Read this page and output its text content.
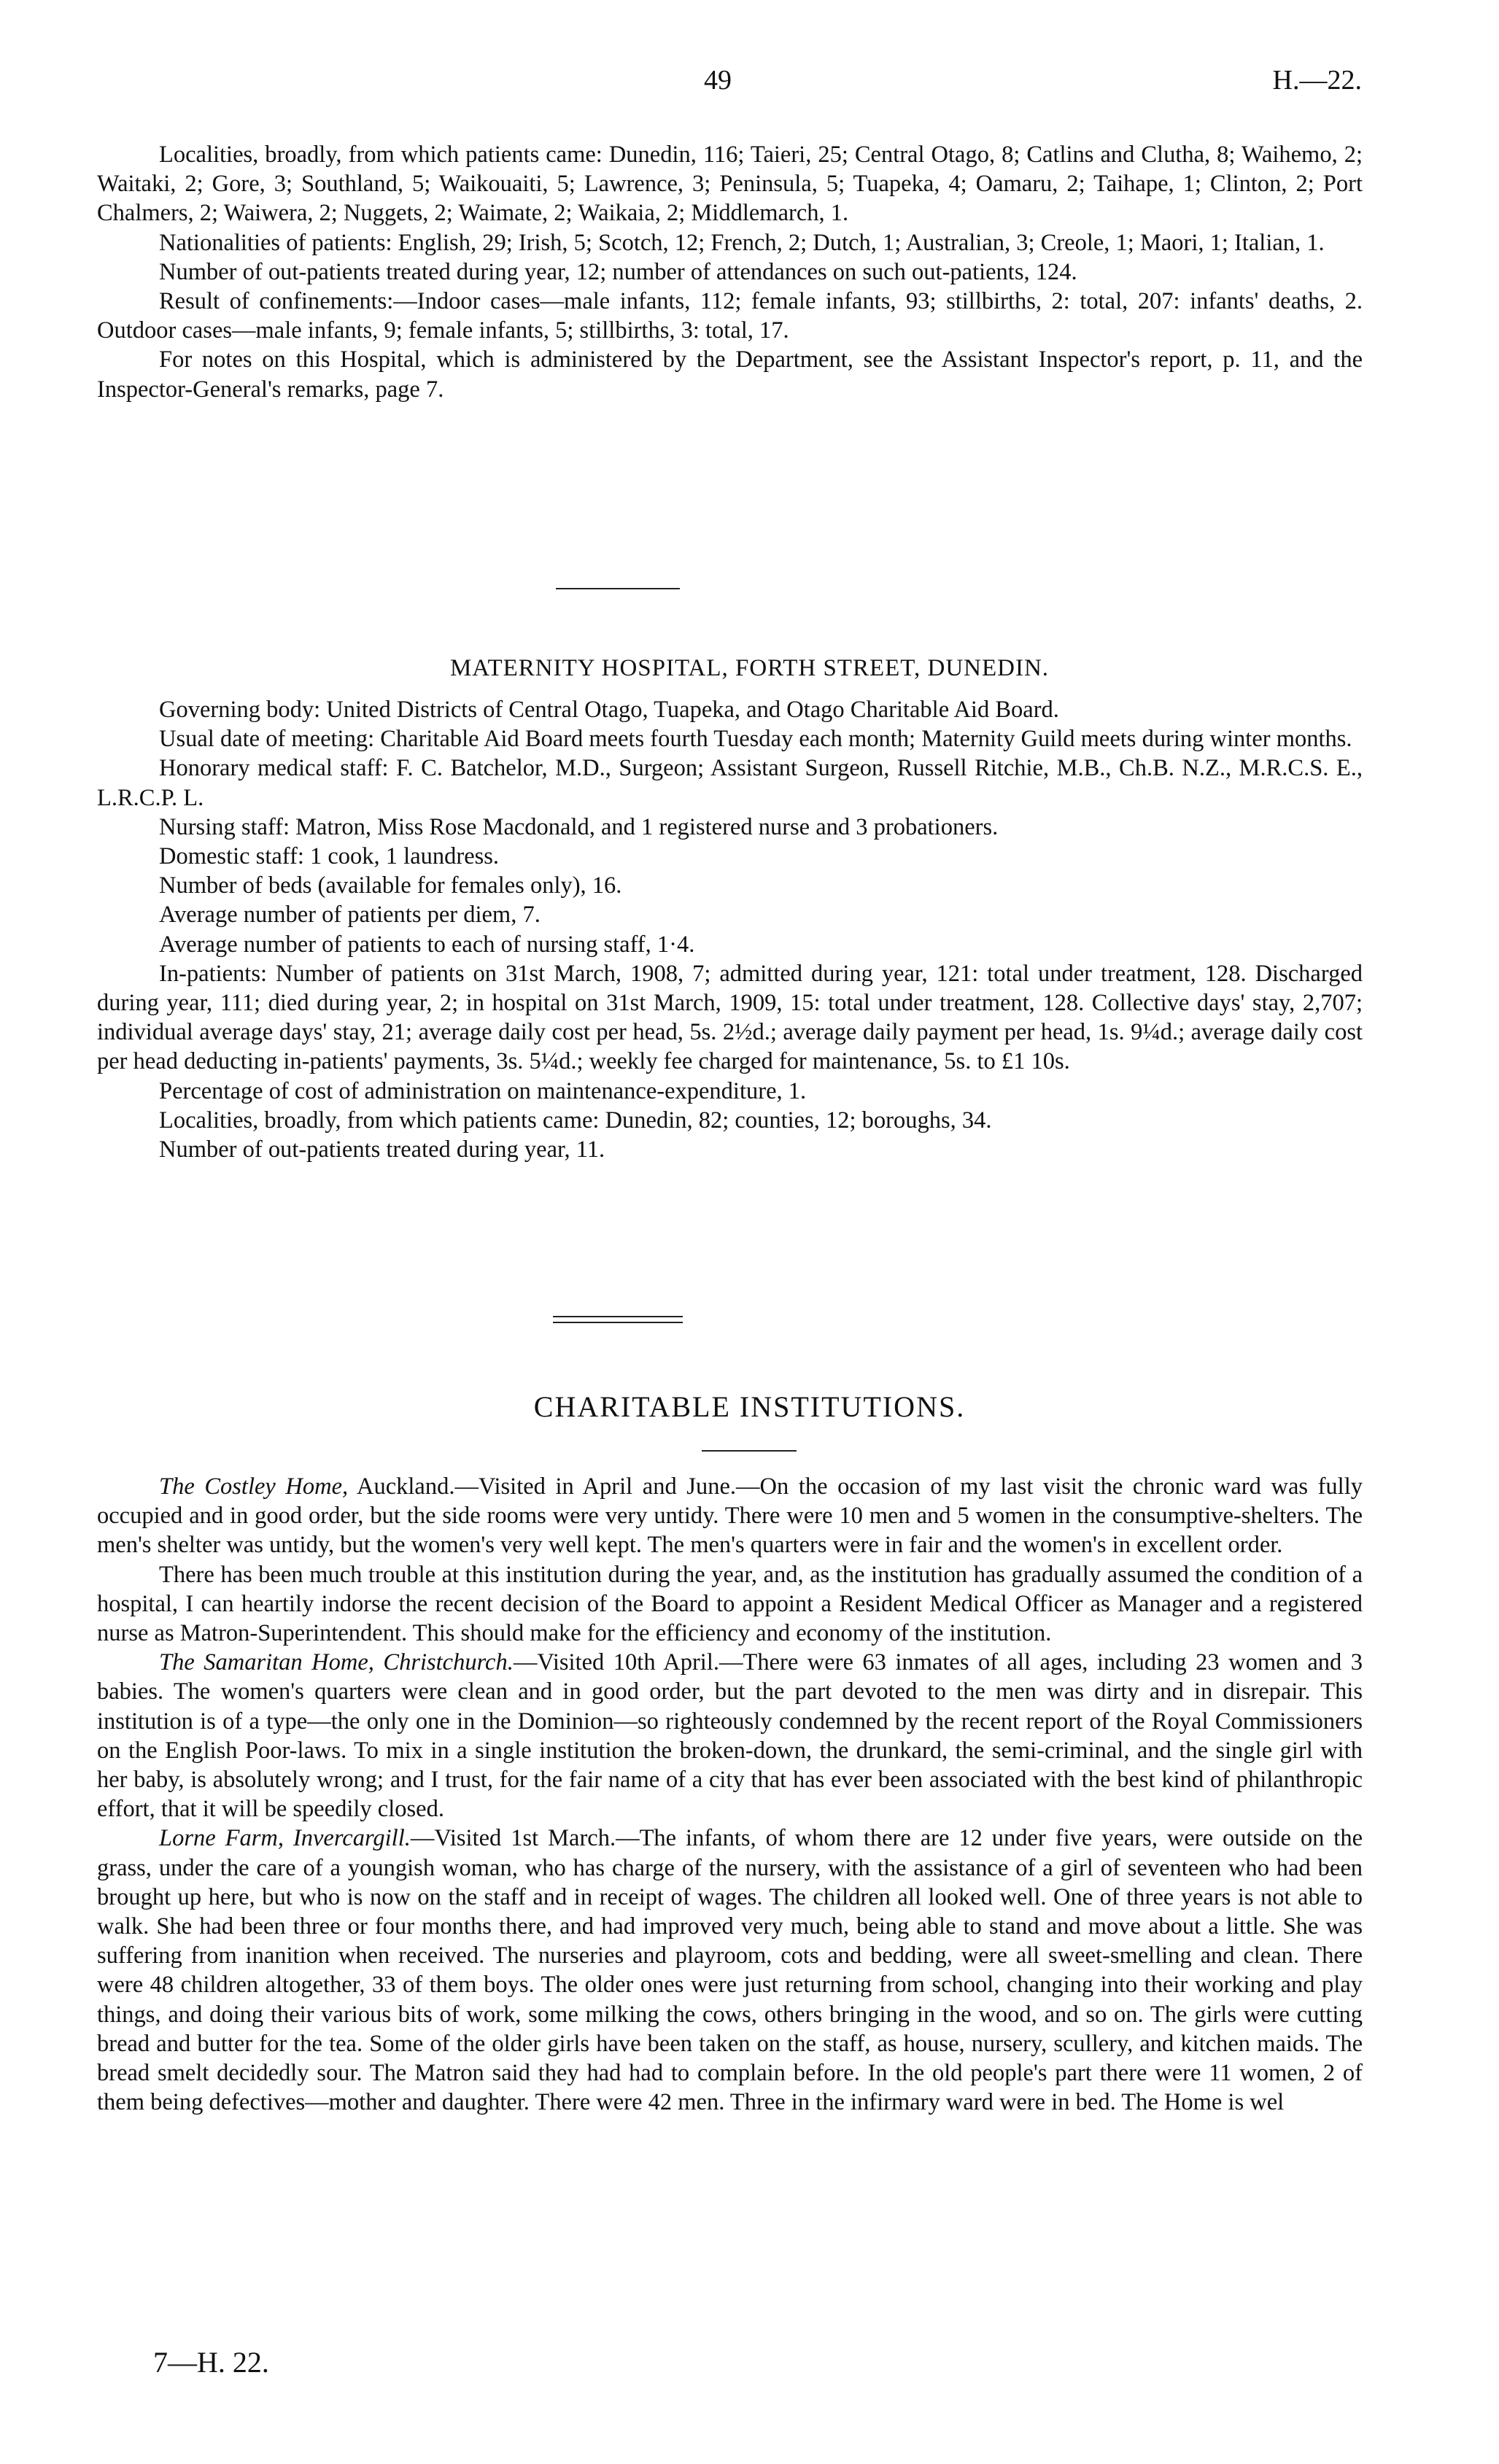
49	H.—22.

Localities, broadly, from which patients came: Dunedin, 116; Taieri, 25; Central Otago, 8; Catlins and Clutha, 8; Waihemo, 2; Waitaki, 2; Gore, 3; Southland, 5; Waikouaiti, 5; Lawrence, 3; Peninsula, 5; Tuapeka, 4; Oamaru, 2; Taihape, 1; Clinton, 2; Port Chalmers, 2; Waiwera, 2; Nuggets, 2; Waimate, 2; Waikaia, 2; Middlemarch, 1.

Nationalities of patients: English, 29; Irish, 5; Scotch, 12; French, 2; Dutch, 1; Australian, 3; Creole, 1; Maori, 1; Italian, 1.

Number of out-patients treated during year, 12; number of attendances on such out-patients, 124.

Result of confinements:—Indoor cases—male infants, 112; female infants, 93; stillbirths, 2: total, 207: infants' deaths, 2. Outdoor cases—male infants, 9; female infants, 5; stillbirths, 3: total, 17.

For notes on this Hospital, which is administered by the Department, see the Assistant Inspector's report, p. 11, and the Inspector-General's remarks, page 7.

MATERNITY HOSPITAL, FORTH STREET, DUNEDIN.

Governing body: United Districts of Central Otago, Tuapeka, and Otago Charitable Aid Board.

Usual date of meeting: Charitable Aid Board meets fourth Tuesday each month; Maternity Guild meets during winter months.

Honorary medical staff: F. C. Batchelor, M.D., Surgeon; Assistant Surgeon, Russell Ritchie, M.B., Ch.B. N.Z., M.R.C.S. E., L.R.C.P. L.

Nursing staff: Matron, Miss Rose Macdonald, and 1 registered nurse and 3 probationers.

Domestic staff: 1 cook, 1 laundress.

Number of beds (available for females only), 16.

Average number of patients per diem, 7.

Average number of patients to each of nursing staff, 1·4.

In-patients: Number of patients on 31st March, 1908, 7; admitted during year, 121: total under treatment, 128. Discharged during year, 111; died during year, 2; in hospital on 31st March, 1909, 15: total under treatment, 128. Collective days' stay, 2,707; individual average days' stay, 21; average daily cost per head, 5s. 2½d.; average daily payment per head, 1s. 9¼d.; average daily cost per head deducting in-patients' payments, 3s. 5¼d.; weekly fee charged for maintenance, 5s. to £1 10s.

Percentage of cost of administration on maintenance-expenditure, 1.

Localities, broadly, from which patients came: Dunedin, 82; counties, 12; boroughs, 34.

Number of out-patients treated during year, 11.

CHARITABLE INSTITUTIONS.

The Costley Home, Auckland.—Visited in April and June.—On the occasion of my last visit the chronic ward was fully occupied and in good order, but the side rooms were very untidy. There were 10 men and 5 women in the consumptive-shelters. The men's shelter was untidy, but the women's very well kept. The men's quarters were in fair and the women's in excellent order.

There has been much trouble at this institution during the year, and, as the institution has gradually assumed the condition of a hospital, I can heartily indorse the recent decision of the Board to appoint a Resident Medical Officer as Manager and a registered nurse as Matron-Superintendent. This should make for the efficiency and economy of the institution.

The Samaritan Home, Christchurch.—Visited 10th April.—There were 63 inmates of all ages, including 23 women and 3 babies. The women's quarters were clean and in good order, but the part devoted to the men was dirty and in disrepair. This institution is of a type—the only one in the Dominion—so righteously condemned by the recent report of the Royal Commissioners on the English Poor-laws. To mix in a single institution the broken-down, the drunkard, the semi-criminal, and the single girl with her baby, is absolutely wrong; and I trust, for the fair name of a city that has ever been associated with the best kind of philanthropic effort, that it will be speedily closed.

Lorne Farm, Invercargill.—Visited 1st March.—The infants, of whom there are 12 under five years, were outside on the grass, under the care of a youngish woman, who has charge of the nursery, with the assistance of a girl of seventeen who had been brought up here, but who is now on the staff and in receipt of wages. The children all looked well. One of three years is not able to walk. She had been three or four months there, and had improved very much, being able to stand and move about a little. She was suffering from inanition when received. The nurseries and playroom, cots and bedding, were all sweet-smelling and clean. There were 48 children altogether, 33 of them boys. The older ones were just returning from school, changing into their working and play things, and doing their various bits of work, some milking the cows, others bringing in the wood, and so on. The girls were cutting bread and butter for the tea. Some of the older girls have been taken on the staff, as house, nursery, scullery, and kitchen maids. The bread smelt decidedly sour. The Matron said they had had to complain before. In the old people's part there were 11 women, 2 of them being defectives—mother and daughter. There were 42 men. Three in the infirmary ward were in bed. The Home is wel

7—H. 22.
